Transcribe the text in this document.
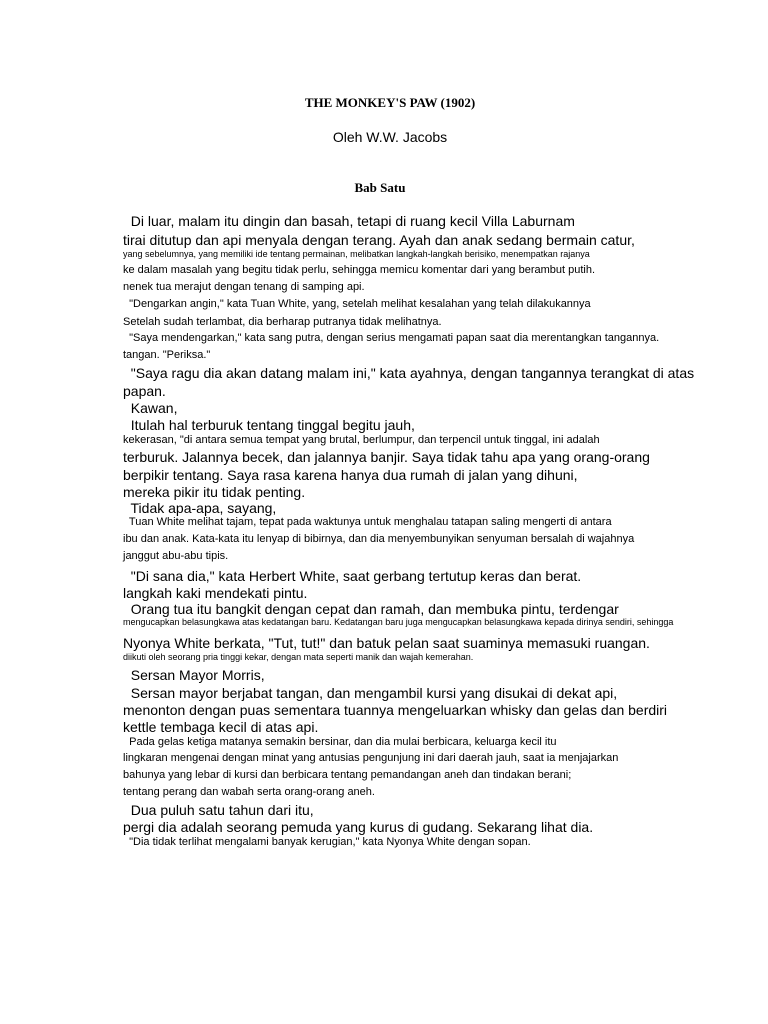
THE MONKEY'S PAW (1902)
Oleh W.W. Jacobs
Bab Satu
Di luar, malam itu dingin dan basah, tetapi di ruang kecil Villa Laburnam
tirai ditutup dan api menyala dengan terang. Ayah dan anak sedang bermain catur,
yang sebelumnya, yang memiliki ide tentang permainan, melibatkan langkah-langkah berisiko, menempatkan rajanya
ke dalam masalah yang begitu tidak perlu, sehingga memicu komentar dari yang berambut putih.
nenek tua merajut dengan tenang di samping api.
"Dengarkan angin," kata Tuan White, yang, setelah melihat kesalahan yang telah dilakukannya
Setelah sudah terlambat, dia berharap putranya tidak melihatnya.
"Saya mendengarkan," kata sang putra, dengan serius mengamati papan saat dia merentangkan tangannya.
tangan. "Periksa."
"Saya ragu dia akan datang malam ini," kata ayahnya, dengan tangannya terangkat di atas
papan.
Kawan,
Itulah hal terburuk tentang tinggal begitu jauh,
kekerasan, "di antara semua tempat yang brutal, berlumpur, dan terpencil untuk tinggal, ini adalah
terburuk. Jalannya becek, dan jalannya banjir. Saya tidak tahu apa yang orang-orang
berpikir tentang. Saya rasa karena hanya dua rumah di jalan yang dihuni,
mereka pikir itu tidak penting.
Tidak apa-apa, sayang,
Tuan White melihat tajam, tepat pada waktunya untuk menghalau tatapan saling mengerti di antara
ibu dan anak. Kata-kata itu lenyap di bibirnya, dan dia menyembunyikan senyuman bersalah di wajahnya
janggut abu-abu tipis.
"Di sana dia," kata Herbert White, saat gerbang tertutup keras dan berat.
langkah kaki mendekati pintu.
Orang tua itu bangkit dengan cepat dan ramah, dan membuka pintu, terdengar
mengucapkan belasungkawa atas kedatangan baru. Kedatangan baru juga mengucapkan belasungkawa kepada dirinya sendiri, sehingga
Nyonya White berkata, "Tut, tut!" dan batuk pelan saat suaminya memasuki ruangan.
diikuti oleh seorang pria tinggi kekar, dengan mata seperti manik dan wajah kemerahan.
Sersan Mayor Morris,
Sersan mayor berjabat tangan, dan mengambil kursi yang disukai di dekat api,
menonton dengan puas sementara tuannya mengeluarkan whisky dan gelas dan berdiri
kettle tembaga kecil di atas api.
Pada gelas ketiga matanya semakin bersinar, dan dia mulai berbicara, keluarga kecil itu
lingkaran mengenai dengan minat yang antusias pengunjung ini dari daerah jauh, saat ia menjajarkan
bahunya yang lebar di kursi dan berbicara tentang pemandangan aneh dan tindakan berani;
tentang perang dan wabah serta orang-orang aneh.
Dua puluh satu tahun dari itu,
pergi dia adalah seorang pemuda yang kurus di gudang. Sekarang lihat dia.
"Dia tidak terlihat mengalami banyak kerugian," kata Nyonya White dengan sopan.
